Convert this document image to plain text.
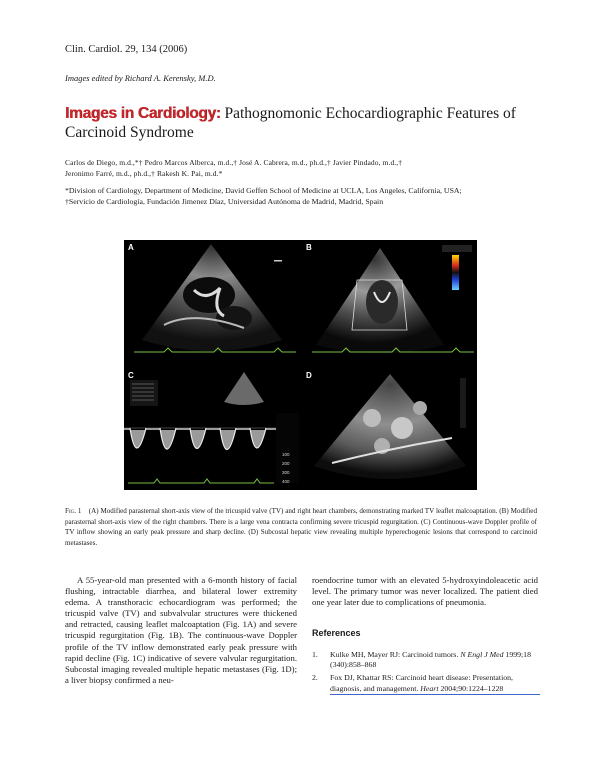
Clin. Cardiol. 29, 134 (2006)
Images edited by Richard A. Kerensky, M.D.
Images in Cardiology: Pathognomonic Echocardiographic Features of Carcinoid Syndrome
Carlos de Diego, m.d.,*† Pedro Marcos Alberca, m.d.,† José A. Cabrera, m.d., ph.d.,† Javier Pindado, m.d.,†
Jeronimo Farré, m.d., ph.d.,† Rakesh K. Pai, m.d.*
*Division of Cardiology, Department of Medicine, David Geffen School of Medicine at UCLA, Los Angeles, California, USA;
†Servicio de Cardiología, Fundación Jimenez Díaz, Universidad Autónoma de Madrid, Madrid, Spain
A	B
C
100
200
300
400
D
Fig. 1 (A) Modified parasternal short-axis view of the tricuspid valve (TV) and right heart chambers, demonstrating marked TV leaflet malcoaptation. (B) Modified parasternal short-axis view of the right chambers. There is a large vena contracta confirming severe tricuspid regurgitation. (C) Continuous-wave Doppler profile of TV inflow showing an early peak pressure and sharp decline. (D) Subcostal hepatic view revealing multiple hyperechogenic lesions that correspond to carcinoid metastases.
A 55-year-old man presented with a 6-month history of facial flushing, intractable diarrhea, and bilateral lower extremity edema. A transthoracic echocardiogram was performed; the tricuspid valve (TV) and subvalvular structures were thickened and retracted, causing leaflet malcoaptation (Fig. 1A) and severe tricuspid regurgitation (Fig. 1B). The continuous-wave Doppler profile of the TV inflow demonstrated early peak pressure with rapid decline (Fig. 1C) indicative of severe valvular regurgitation. Subcostal imaging revealed multiple hepatic metastases (Fig. 1D); a liver biopsy confirmed a neu-
roendocrine tumor with an elevated 5-hydroxyindoleacetic acid level. The primary tumor was never localized. The patient died one year later due to complications of pneumonia.
References
1.	Kulke MH, Mayer RJ: Carcinoid tumors. N Engl J Med 1999;18 (340):858–868
2.	Fox DJ, Khattar RS: Carcinoid heart disease: Presentation, diagnosis, and management. Heart 2004;90:1224–1228
